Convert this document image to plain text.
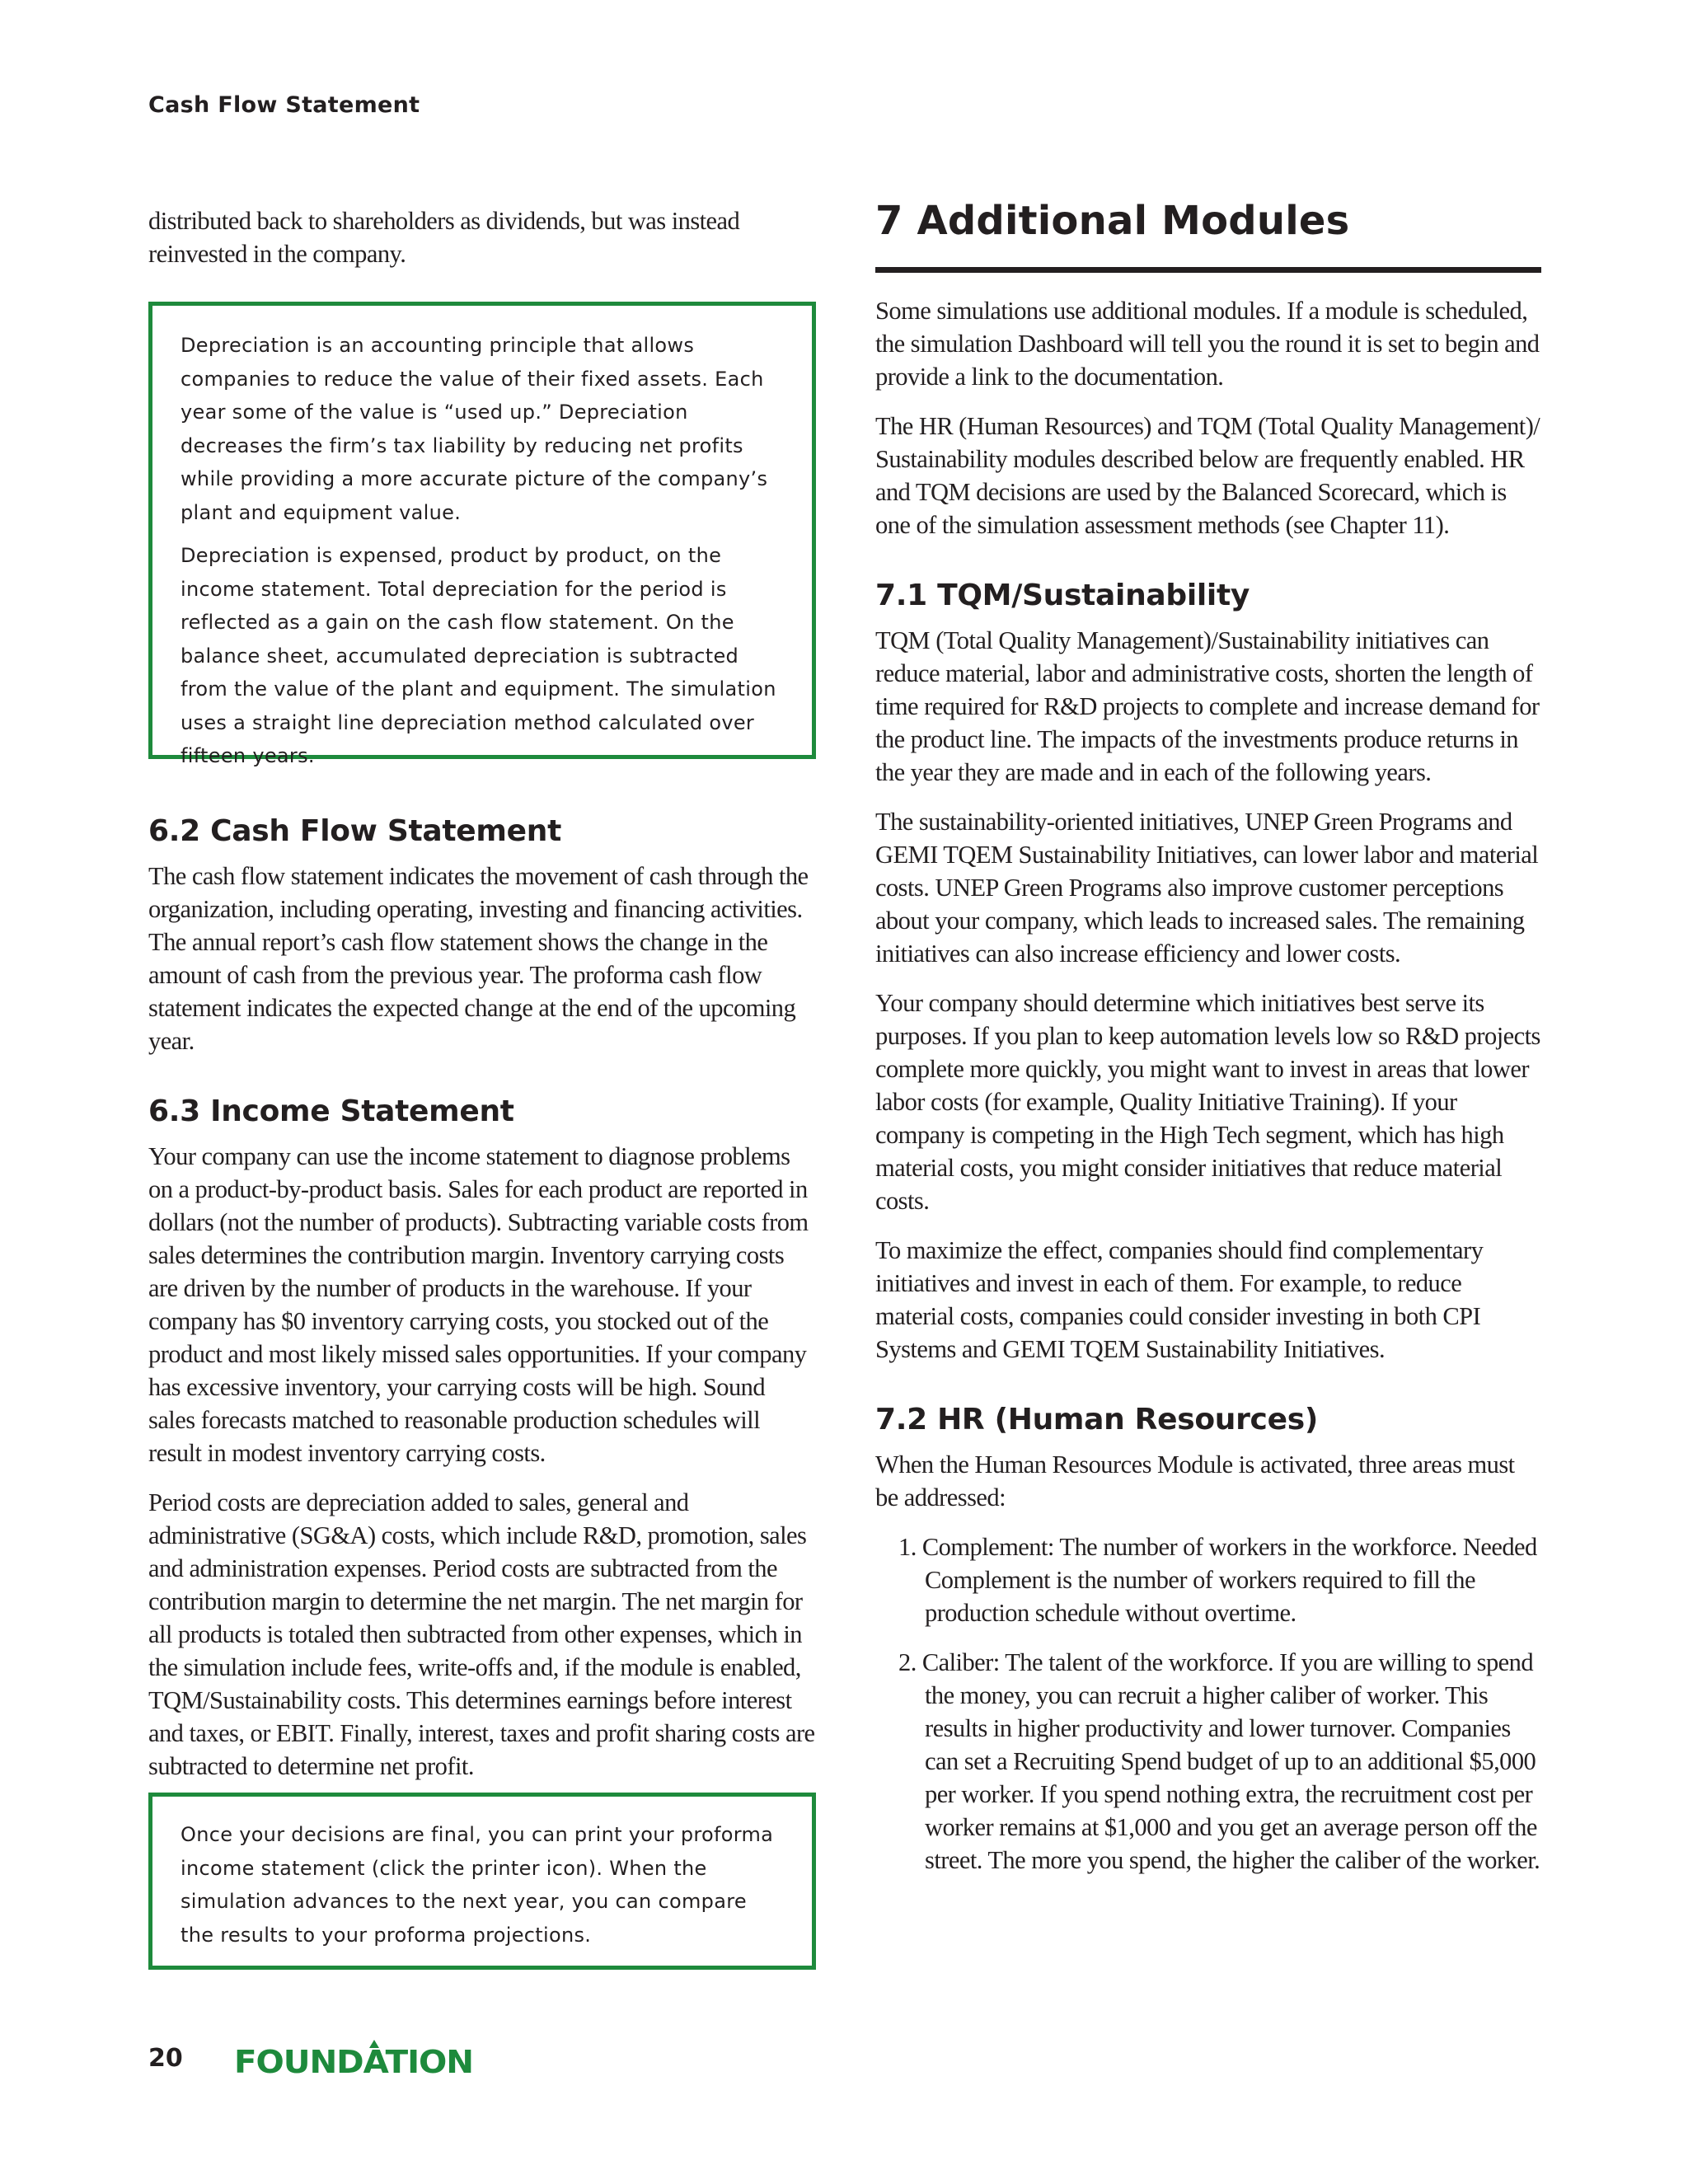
Cash Flow Statement

distributed back to shareholders as dividends, but was instead reinvested in the company.

Depreciation is an accounting principle that allows companies to reduce the value of their fixed assets. Each year some of the value is “used up.” Depreciation decreases the firm’s tax liability by reducing net profits while providing a more accurate picture of the company’s plant and equipment value.

Depreciation is expensed, product by product, on the income statement. Total depreciation for the period is reflected as a gain on the cash flow statement. On the balance sheet, accumulated depreciation is subtracted from the value of the plant and equipment. The simulation uses a straight line depreciation method calculated over fifteen years.

6.2 Cash Flow Statement

The cash flow statement indicates the movement of cash through the organization, including operating, investing and financing activities. The annual report’s cash flow statement shows the change in the amount of cash from the previous year. The proforma cash flow statement indicates the expected change at the end of the upcoming year.

6.3 Income Statement

Your company can use the income statement to diagnose problems on a product-by-product basis. Sales for each product are reported in dollars (not the number of products). Subtracting variable costs from sales determines the contribution margin. Inventory carrying costs are driven by the number of products in the warehouse. If your company has $0 inventory carrying costs, you stocked out of the product and most likely missed sales opportunities. If your company has excessive inventory, your carrying costs will be high. Sound sales forecasts matched to reasonable production schedules will result in modest inventory carrying costs.

Period costs are depreciation added to sales, general and administrative (SG&A) costs, which include R&D, promotion, sales and administration expenses. Period costs are subtracted from the contribution margin to determine the net margin. The net margin for all products is totaled then subtracted from other expenses, which in the simulation include fees, write-offs and, if the module is enabled, TQM/Sustainability costs. This determines earnings before interest and taxes, or EBIT. Finally, interest, taxes and profit sharing costs are subtracted to determine net profit.

Once your decisions are final, you can print your proforma income statement (click the printer icon). When the simulation advances to the next year, you can compare the results to your proforma projections.

7 Additional Modules

Some simulations use additional modules. If a module is scheduled, the simulation Dashboard will tell you the round it is set to begin and provide a link to the documentation.

The HR (Human Resources) and TQM (Total Quality Management)/ Sustainability modules described below are frequently enabled. HR and TQM decisions are used by the Balanced Scorecard, which is one of the simulation assessment methods (see Chapter 11).

7.1 TQM/Sustainability

TQM (Total Quality Management)/Sustainability initiatives can reduce material, labor and administrative costs, shorten the length of time required for R&D projects to complete and increase demand for the product line. The impacts of the investments produce returns in the year they are made and in each of the following years.

The sustainability-oriented initiatives, UNEP Green Programs and GEMI TQEM Sustainability Initiatives, can lower labor and material costs. UNEP Green Programs also improve customer perceptions about your company, which leads to increased sales. The remaining initiatives can also increase efficiency and lower costs.

Your company should determine which initiatives best serve its purposes. If you plan to keep automation levels low so R&D projects complete more quickly, you might want to invest in areas that lower labor costs (for example, Quality Initiative Training). If your company is competing in the High Tech segment, which has high material costs, you might consider initiatives that reduce material costs.

To maximize the effect, companies should find complementary initiatives and invest in each of them. For example, to reduce material costs, companies could consider investing in both CPI Systems and GEMI TQEM Sustainability Initiatives.

7.2 HR (Human Resources)

When the Human Resources Module is activated, three areas must be addressed:

1. Complement: The number of workers in the workforce. Needed Complement is the number of workers required to fill the production schedule without overtime.
2. Caliber: The talent of the workforce. If you are willing to spend the money, you can recruit a higher caliber of worker. This results in higher productivity and lower turnover. Companies can set a Recruiting Spend budget of up to an additional $5,000 per worker. If you spend nothing extra, the recruitment cost per worker remains at $1,000 and you get an average person off the street. The more you spend, the higher the caliber of the worker.
20 FOUNDATION
